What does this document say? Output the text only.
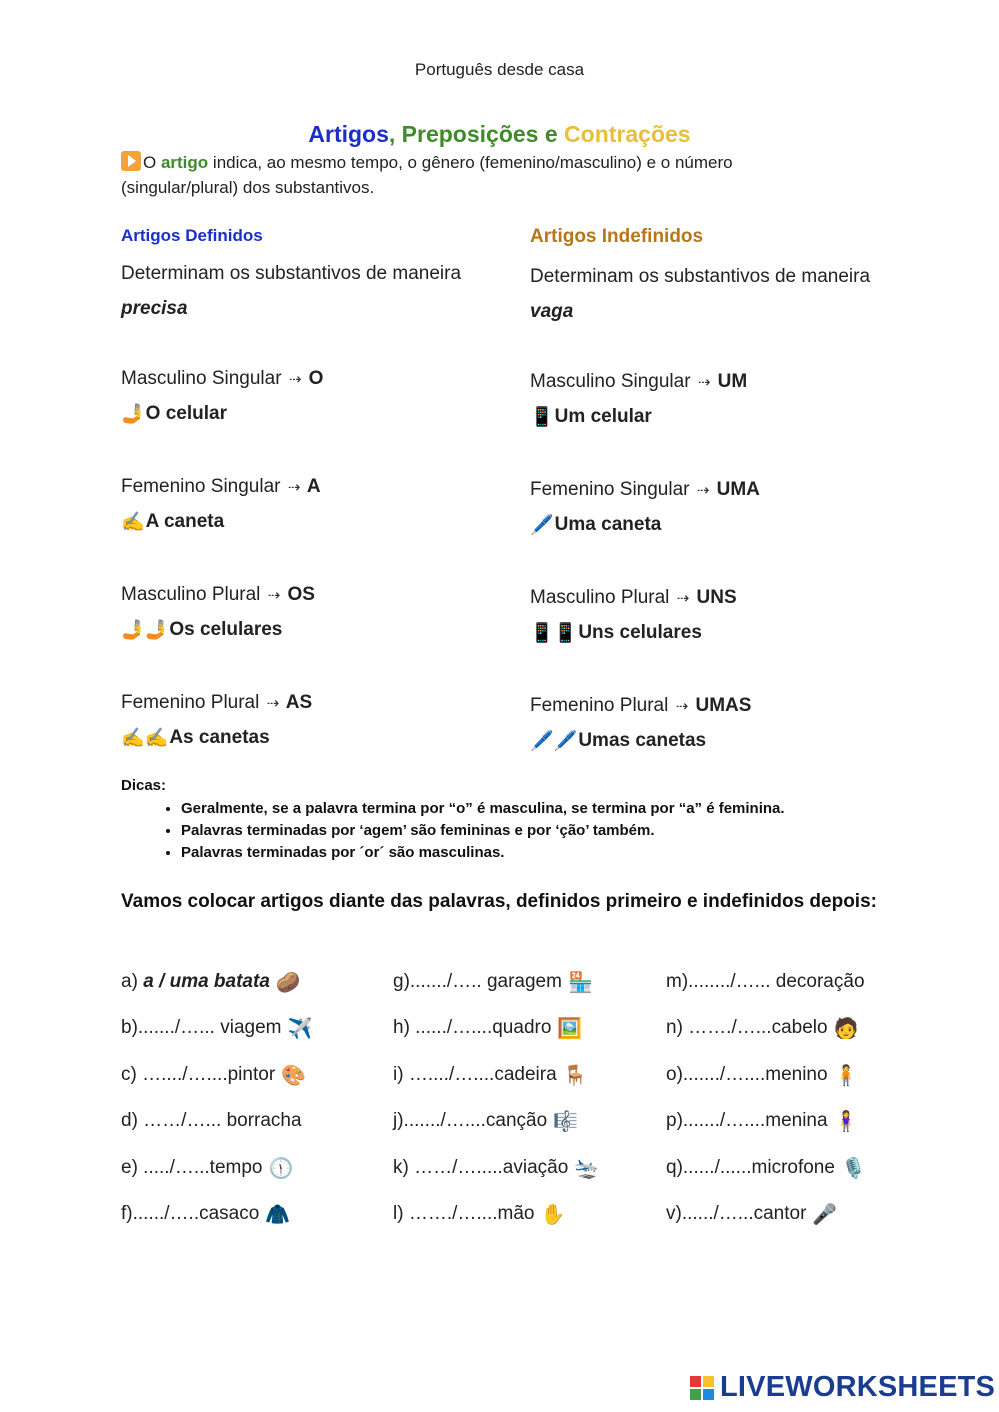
Português desde casa
Artigos, Preposições e Contrações
O artigo indica, ao mesmo tempo, o gênero (femenino/masculino) e o número (singular/plural) dos substantivos.
Artigos Definidos
Determinam os substantivos de maneira precisa
Masculino Singular ⇢ O
🤳O celular
Femenino Singular ⇢ A
✍️A caneta
Masculino Plural ⇢ OS
🤳🤳Os celulares
Femenino Plural ⇢ AS
✍️✍️As canetas
Artigos Indefinidos
Determinam os substantivos de maneira vaga
Masculino Singular ⇢ UM
📱Um celular
Femenino Singular ⇢ UMA
🖊️Uma caneta
Masculino Plural ⇢ UNS
📱📱Uns celulares
Femenino Plural ⇢ UMAS
🖊️🖊️Umas canetas
Dicas:
• Geralmente, se a palavra termina por “o” é masculina, se termina por “a” é feminina.
• Palavras terminadas por ‘agem’ são femininas e por ‘ção’ também.
• Palavras terminadas por ´or´ são masculinas.
Vamos colocar artigos diante das palavras, definidos primeiro e indefinidos depois:
a) a / uma batata 🥔	g)......./….. garagem 🏪	m)......../…... decoração
b)......./…... viagem ✈️	h) ....../…....quadro 🖼️	n) ……./…...cabelo 🧑
c) …..../…....pintor 🎨	i) …..../…....cadeira 🪑	o)......./…....menino 🧍
d) ……/…... borracha	j)......./…....canção 🎼	p)......./…....menina 🧍‍♀️
e) ...../…...tempo 🕦	k) ……/….....aviação 🛬	q)....../......microfone 🎙️
f)....../…..casaco 🧥	l) ……./…....mão ✋	v)....../…...cantor 🎤
LIVEWORKSHEETS
